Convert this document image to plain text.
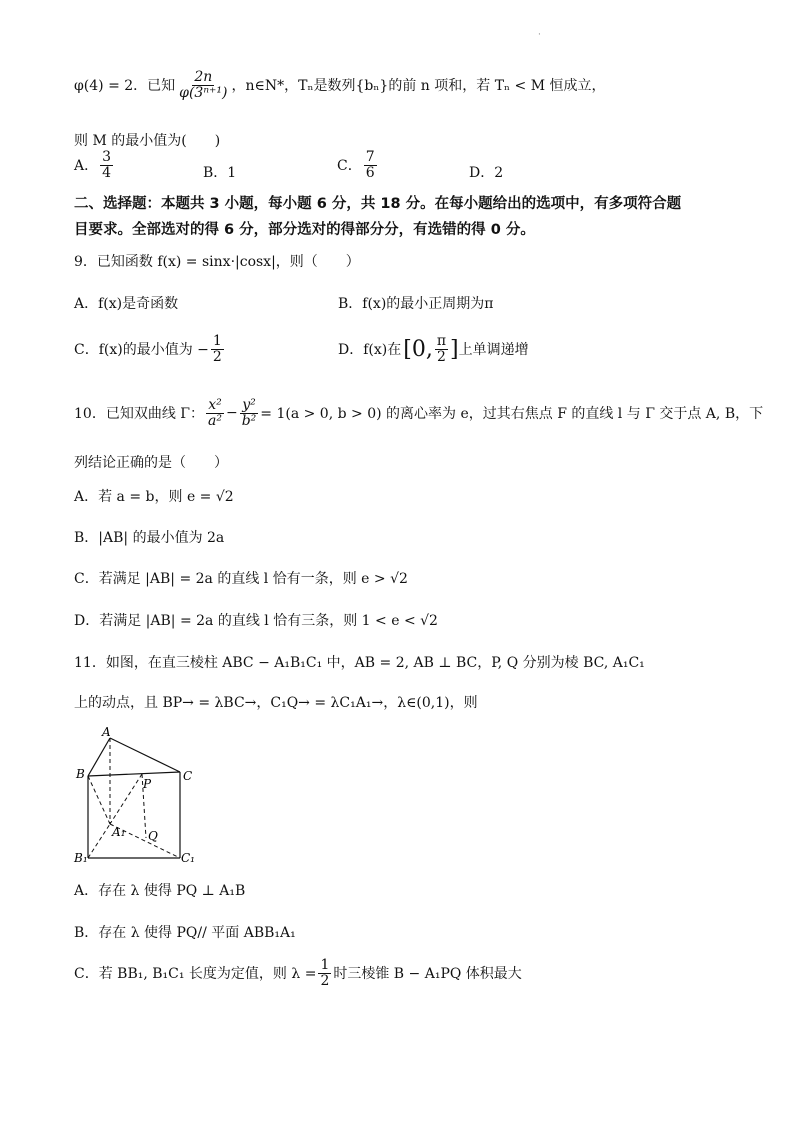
·
φ(4) = 2．已知 $\frac{2n}{\text{φ(3ⁿ⁺¹)}}$ ，n∈N*，Tₙ是数列{bₙ}的前 n 项和，若 Tₙ < M 恒成立，
则 M 的最小值为(　　)
A． $\frac{3}{4}$	B．1	C． $\frac{7}{6}$	D．2
二、选择题：本题共 3 小题，每小题 6 分，共 18 分。在每小题给出的选项中，有多项符合题
目要求。全部选对的得 6 分，部分选对的得部分分，有选错的得 0 分。
9．已知函数 f(x) = sinx·|cosx|，则（　　）
A．f(x)是奇函数	B．f(x)的最小正周期为π
C．f(x)的最小值为 − $\frac{1}{2}$	D．f(x)在 [0, $\frac{\pi}{2}$ ] 上单调递增
10．已知双曲线 Γ： $\frac{\text{x²}}{\text{a²}} - \frac{\text{y²}}{\text{b²}} = 1(a > 0$, b > 0) 的离心率为 e，过其右焦点 F 的直线 l 与 Γ 交于点 A, B，下
列结论正确的是（　　）
A．若 a = b，则 e = √2
B．|AB| 的最小值为 2a
C．若满足 |AB| = 2a 的直线 l 恰有一条，则 e > √2
D．若满足 |AB| = 2a 的直线 l 恰有三条，则 1 < e < √2
11．如图，在直三棱柱 ABC − A₁B₁C₁ 中，AB = 2, AB ⊥ BC，P, Q 分别为棱 BC, A₁C₁
上的动点，且 BP→ = λBC→，C₁Q→ = λC₁A₁→，λ∈(0,1)，则
A
B	C
P
A₁ Q
B₁	C₁
A．存在 λ 使得 PQ ⊥ A₁B
B．存在 λ 使得 PQ// 平面 ABB₁A₁
C．若 BB₁, B₁C₁ 长度为定值，则 $\lambda = \frac{1}{2}$ 时三棱锥 B − A₁PQ 体积最大
